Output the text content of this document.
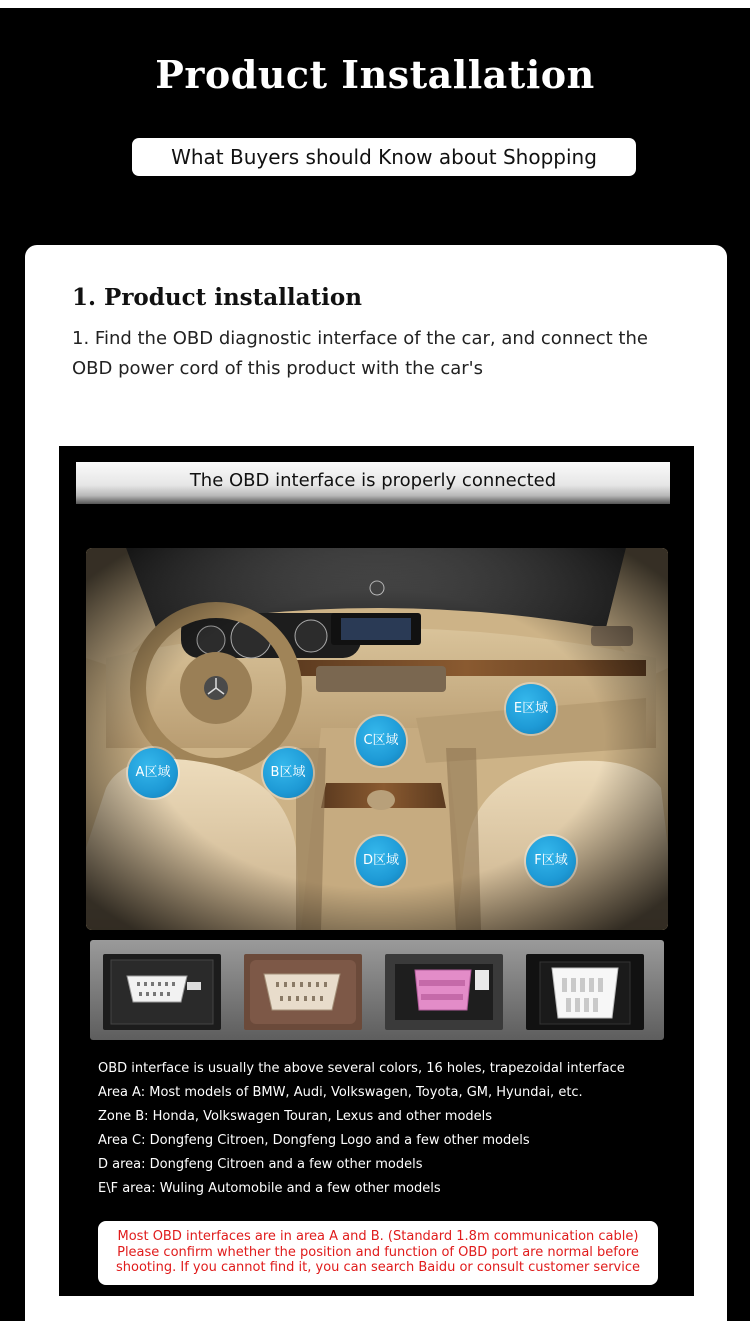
Product Installation
What Buyers should Know about Shopping
1. Product installation

1. Find the OBD diagnostic interface of the car, and connect the OBD power cord of this product with the car's

The OBD interface is properly connected
A区域	B区域
C区域
D区域
E区域
F区域
OBD interface is usually the above several colors, 16 holes, trapezoidal interface
Area A: Most models of BMW, Audi, Volkswagen, Toyota, GM, Hyundai, etc.
Zone B: Honda, Volkswagen Touran, Lexus and other models
Area C: Dongfeng Citroen, Dongfeng Logo and a few other models
D area: Dongfeng Citroen and a few other models
E\F area: Wuling Automobile and a few other models
Most OBD interfaces are in area A and B. (Standard 1.8m communication cable)
Please confirm whether the position and function of OBD port are normal before
shooting. If you cannot find it, you can search Baidu or consult customer service
